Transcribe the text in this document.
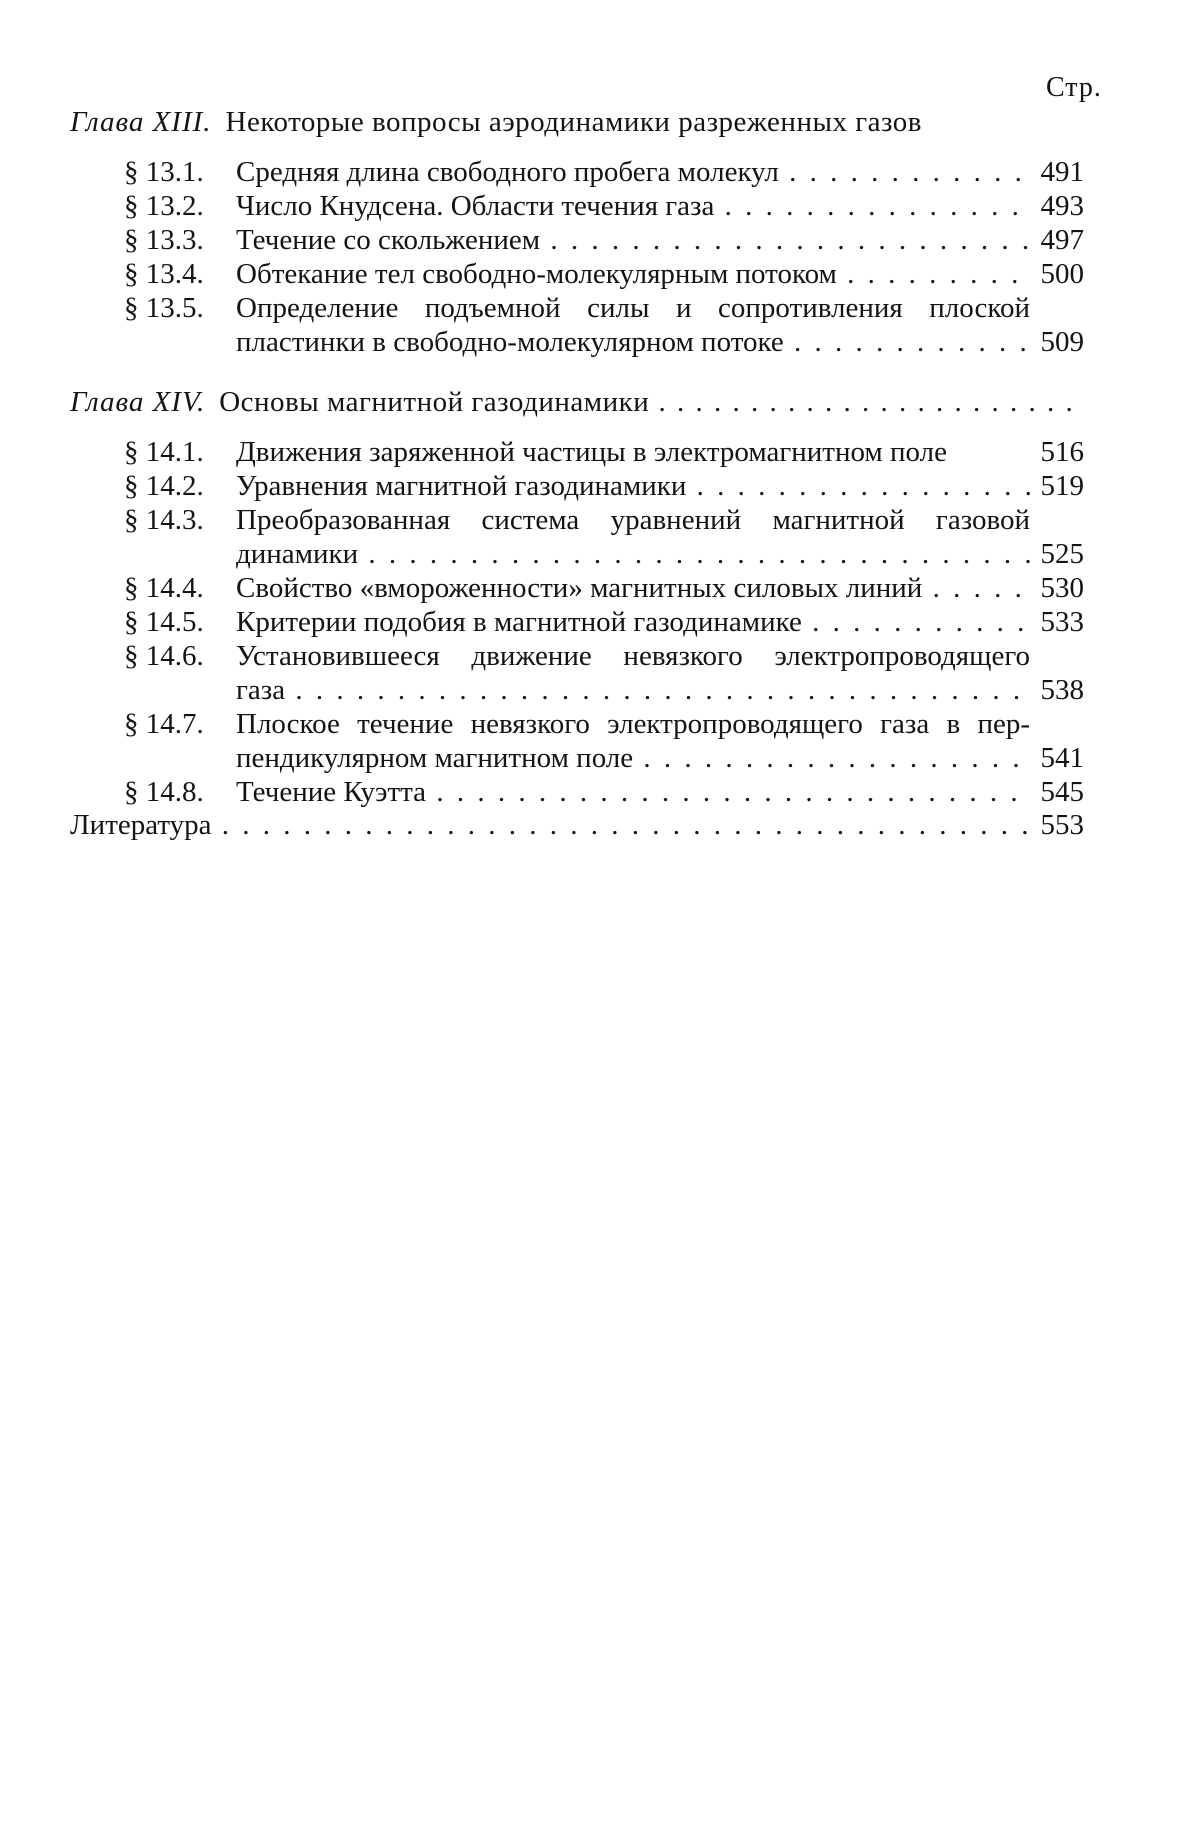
Стр.
Глава XIII. Некоторые вопросы аэродинамики разреженных газов
§ 13.1.	Средняя длина свободного пробега молекул . . .	491
§ 13.2.	Число Кнудсена. Области течения газа . . .	493
§ 13.3.	Течение со скольжением . . .	497
§ 13.4.	Обтекание тел свободно-молекулярным потоком . . .	500
§ 13.5.	Определение подъемной силы и сопротивления плоской
пластинки в свободно-молекулярном потоке . . .	509
Глава XIV. Основы магнитной газодинамики . . .
§ 14.1.	Движения заряженной частицы в электромагнитном поле	516
§ 14.2.	Уравнения магнитной газодинамики . . .	519
§ 14.3.	Преобразованная система уравнений магнитной газовой
динамики . . .	525
§ 14.4.	Свойство «вмороженности» магнитных силовых линий . . .	530
§ 14.5.	Критерии подобия в магнитной газодинамике . . .	533
§ 14.6.	Установившееся движение невязкого электропроводящего
газа . . .	538
§ 14.7.	Плоское течение невязкого электропроводящего газа в пер-
пендикулярном магнитном поле . . .	541
§ 14.8.	Течение Куэтта . . .	545
Литература . . .	553
